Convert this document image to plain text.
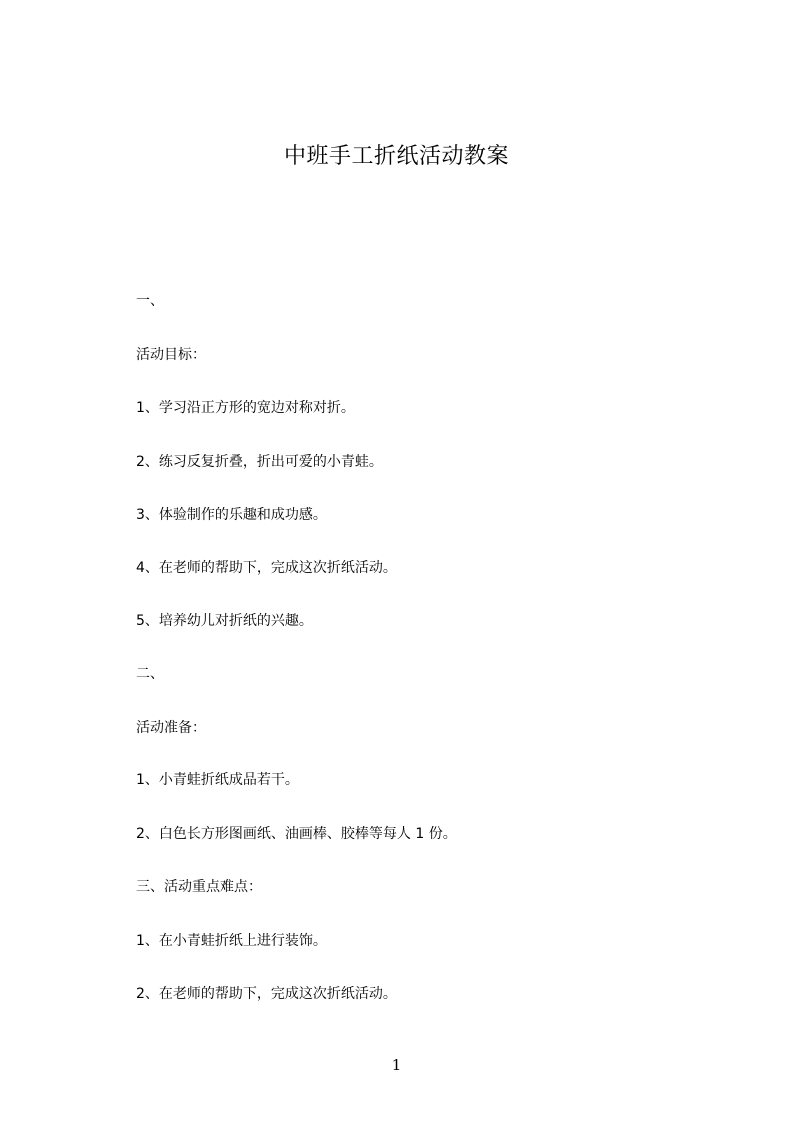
中班手工折纸活动教案
一、
活动目标：
1、学习沿正方形的宽边对称对折。
2、练习反复折叠，折出可爱的小青蛙。
3、体验制作的乐趣和成功感。
4、在老师的帮助下，完成这次折纸活动。
5、培养幼儿对折纸的兴趣。
二、
活动准备：
1、小青蛙折纸成品若干。
2、白色长方形图画纸、油画棒、胶棒等每人 1 份。
三、活动重点难点：
1、在小青蛙折纸上进行装饰。
2、在老师的帮助下，完成这次折纸活动。
1
